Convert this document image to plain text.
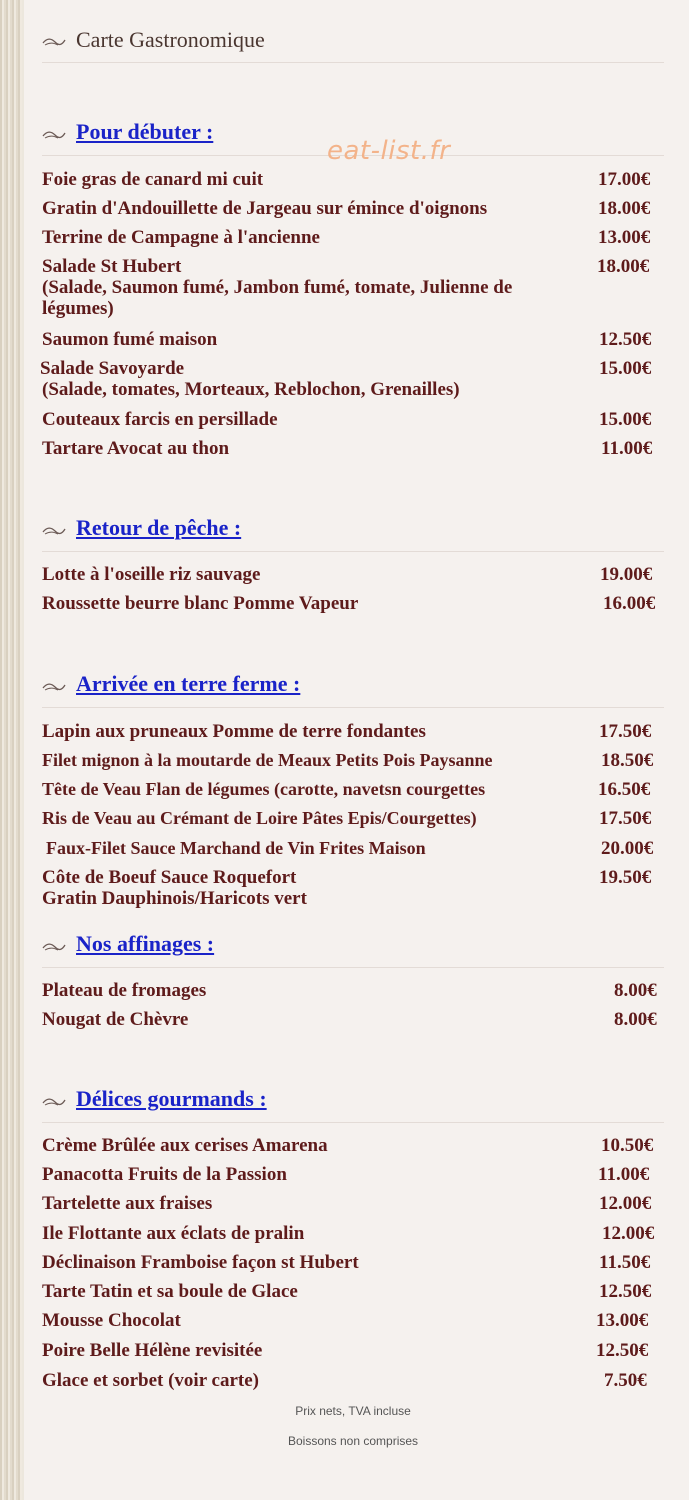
Carte Gastronomique
Pour débuter :
Foie gras de canard mi cuit	17.00€
Gratin d'Andouillette de Jargeau sur émince d'oignons	18.00€
Terrine de Campagne à l'ancienne	13.00€
Salade St Hubert	18.00€
(Salade, Saumon fumé, Jambon fumé, tomate, Julienne de légumes)
Saumon fumé maison	12.50€
Salade Savoyarde	15.00€
(Salade, tomates, Morteaux, Reblochon, Grenailles)
Couteaux farcis en persillade	15.00€
Tartare Avocat au thon	11.00€
Retour de pêche :
Lotte à l'oseille riz sauvage	19.00€
Roussette beurre blanc Pomme Vapeur	16.00€
Arrivée en terre ferme :
Lapin aux pruneaux Pomme de terre fondantes	17.50€
Filet mignon à la moutarde de Meaux Petits Pois Paysanne	18.50€
Tête de Veau Flan de légumes (carotte, navetsn courgettes	16.50€
Ris de Veau au Crémant de Loire Pâtes Epis/Courgettes)	17.50€
Faux-Filet Sauce Marchand de Vin Frites Maison	20.00€
Côte de Boeuf Sauce Roquefort	19.50€
Gratin Dauphinois/Haricots vert
Nos affinages :
Plateau de fromages	8.00€
Nougat de Chèvre	8.00€
Délices gourmands :
Crème Brûlée aux cerises Amarena	10.50€
Panacotta Fruits de la Passion	11.00€
Tartelette aux fraises	12.00€
Ile Flottante aux éclats de pralin	12.00€
Déclinaison Framboise façon st Hubert	11.50€
Tarte Tatin et sa boule de Glace	12.50€
Mousse Chocolat	13.00€
Poire Belle Hélène revisitée	12.50€
Glace et sorbet (voir carte)	7.50€
Prix nets, TVA incluse
Boissons non comprises
eat-list.fr
